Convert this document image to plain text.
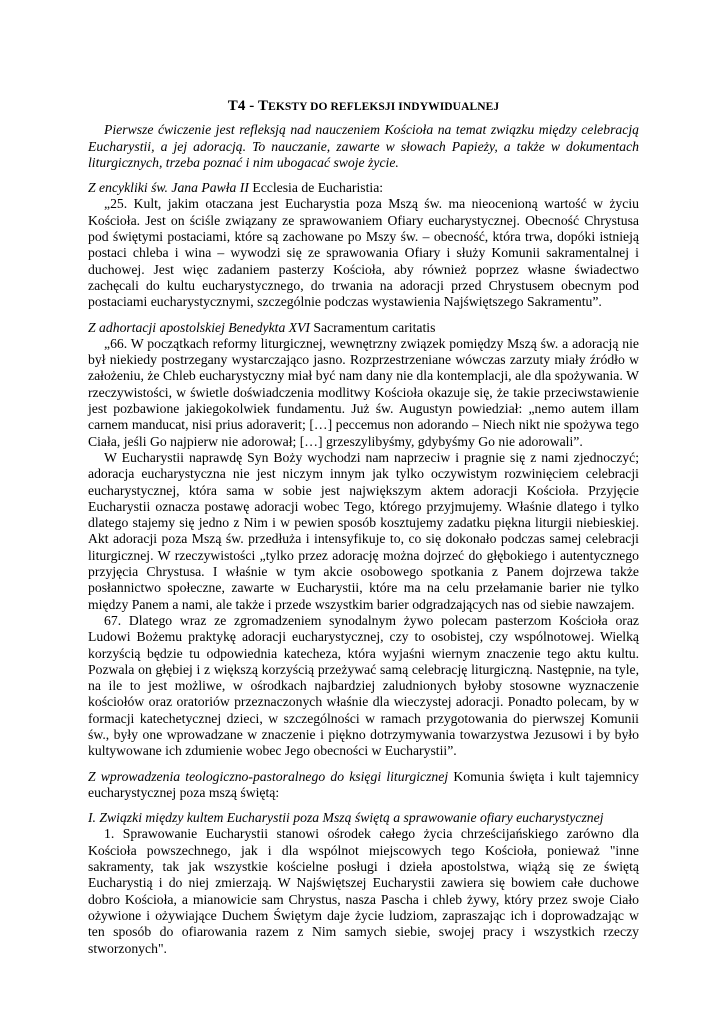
T4 - TEKSTY DO REFLEKSJI INDYWIDUALNEJ

Pierwsze ćwiczenie jest refleksją nad nauczeniem Kościoła na temat związku między celebracją Eucharystii, a jej adoracją. To nauczanie, zawarte w słowach Papieży, a także w dokumentach liturgicznych, trzeba poznać i nim ubogacać swoje życie.

Z encykliki św. Jana Pawła II Ecclesia de Eucharistia:

„25. Kult, jakim otaczana jest Eucharystia poza Mszą św. ma nieocenioną wartość w życiu Kościoła. Jest on ściśle związany ze sprawowaniem Ofiary eucharystycznej. Obecność Chrystusa pod świętymi postaciami, które są zachowane po Mszy św. – obecność, która trwa, dopóki istnieją postaci chleba i wina – wywodzi się ze sprawowania Ofiary i służy Komunii sakramentalnej i duchowej. Jest więc zadaniem pasterzy Kościoła, aby również poprzez własne świadectwo zachęcali do kultu eucharystycznego, do trwania na adoracji przed Chrystusem obecnym pod postaciami eucharystycznymi, szczególnie podczas wystawienia Najświętszego Sakramentu”.

Z adhortacji apostolskiej Benedykta XVI Sacramentum caritatis

„66. W początkach reformy liturgicznej, wewnętrzny związek pomiędzy Mszą św. a adoracją nie był niekiedy postrzegany wystarczająco jasno. Rozprzestrzeniane wówczas zarzuty miały źródło w założeniu, że Chleb eucharystyczny miał być nam dany nie dla kontemplacji, ale dla spożywania. W rzeczywistości, w świetle doświadczenia modlitwy Kościoła okazuje się, że takie przeciwstawienie jest pozbawione jakiegokolwiek fundamentu. Już św. Augustyn powiedział: „nemo autem illam carnem manducat, nisi prius adoraverit; […] peccemus non adorando – Niech nikt nie spożywa tego Ciała, jeśli Go najpierw nie adorował; […] grzeszylibyśmy, gdybyśmy Go nie adorowali”.

W Eucharystii naprawdę Syn Boży wychodzi nam naprzeciw i pragnie się z nami zjednoczyć; adoracja eucharystyczna nie jest niczym innym jak tylko oczywistym rozwinięciem celebracji eucharystycznej, która sama w sobie jest największym aktem adoracji Kościoła. Przyjęcie Eucharystii oznacza postawę adoracji wobec Tego, którego przyjmujemy. Właśnie dlatego i tylko dlatego stajemy się jedno z Nim i w pewien sposób kosztujemy zadatku piękna liturgii niebieskiej. Akt adoracji poza Mszą św. przedłuża i intensyfikuje to, co się dokonało podczas samej celebracji liturgicznej. W rzeczywistości „tylko przez adorację można dojrzeć do głębokiego i autentycznego przyjęcia Chrystusa. I właśnie w tym akcie osobowego spotkania z Panem dojrzewa także posłannictwo społeczne, zawarte w Eucharystii, które ma na celu przełamanie barier nie tylko między Panem a nami, ale także i przede wszystkim barier odgradzających nas od siebie nawzajem.

67. Dlatego wraz ze zgromadzeniem synodalnym żywo polecam pasterzom Kościoła oraz Ludowi Bożemu praktykę adoracji eucharystycznej, czy to osobistej, czy wspólnotowej. Wielką korzyścią będzie tu odpowiednia katecheza, która wyjaśni wiernym znaczenie tego aktu kultu. Pozwala on głębiej i z większą korzyścią przeżywać samą celebrację liturgiczną. Następnie, na tyle, na ile to jest możliwe, w ośrodkach najbardziej zaludnionych byłoby stosowne wyznaczenie kościołów oraz oratoriów przeznaczonych właśnie dla wieczystej adoracji. Ponadto polecam, by w formacji katechetycznej dzieci, w szczególności w ramach przygotowania do pierwszej Komunii św., były one wprowadzane w znaczenie i piękno dotrzymywania towarzystwa Jezusowi i by było kultywowane ich zdumienie wobec Jego obecności w Eucharystii”.

Z wprowadzenia teologiczno-pastoralnego do księgi liturgicznej Komunia święta i kult tajemnicy eucharystycznej poza mszą świętą:

I. Związki między kultem Eucharystii poza Mszą świętą a sprawowanie ofiary eucharystycznej

1. Sprawowanie Eucharystii stanowi ośrodek całego życia chrześcijańskiego zarówno dla Kościoła powszechnego, jak i dla wspólnot miejscowych tego Kościoła, ponieważ "inne sakramenty, tak jak wszystkie kościelne posługi i dzieła apostolstwa, wiążą się ze świętą Eucharystią i do niej zmierzają. W Najświętszej Eucharystii zawiera się bowiem całe duchowe dobro Kościoła, a mianowicie sam Chrystus, nasza Pascha i chleb żywy, który przez swoje Ciało ożywione i ożywiające Duchem Świętym daje życie ludziom, zapraszając ich i doprowadzając w ten sposób do ofiarowania razem z Nim samych siebie, swojej pracy i wszystkich rzeczy stworzonych".
